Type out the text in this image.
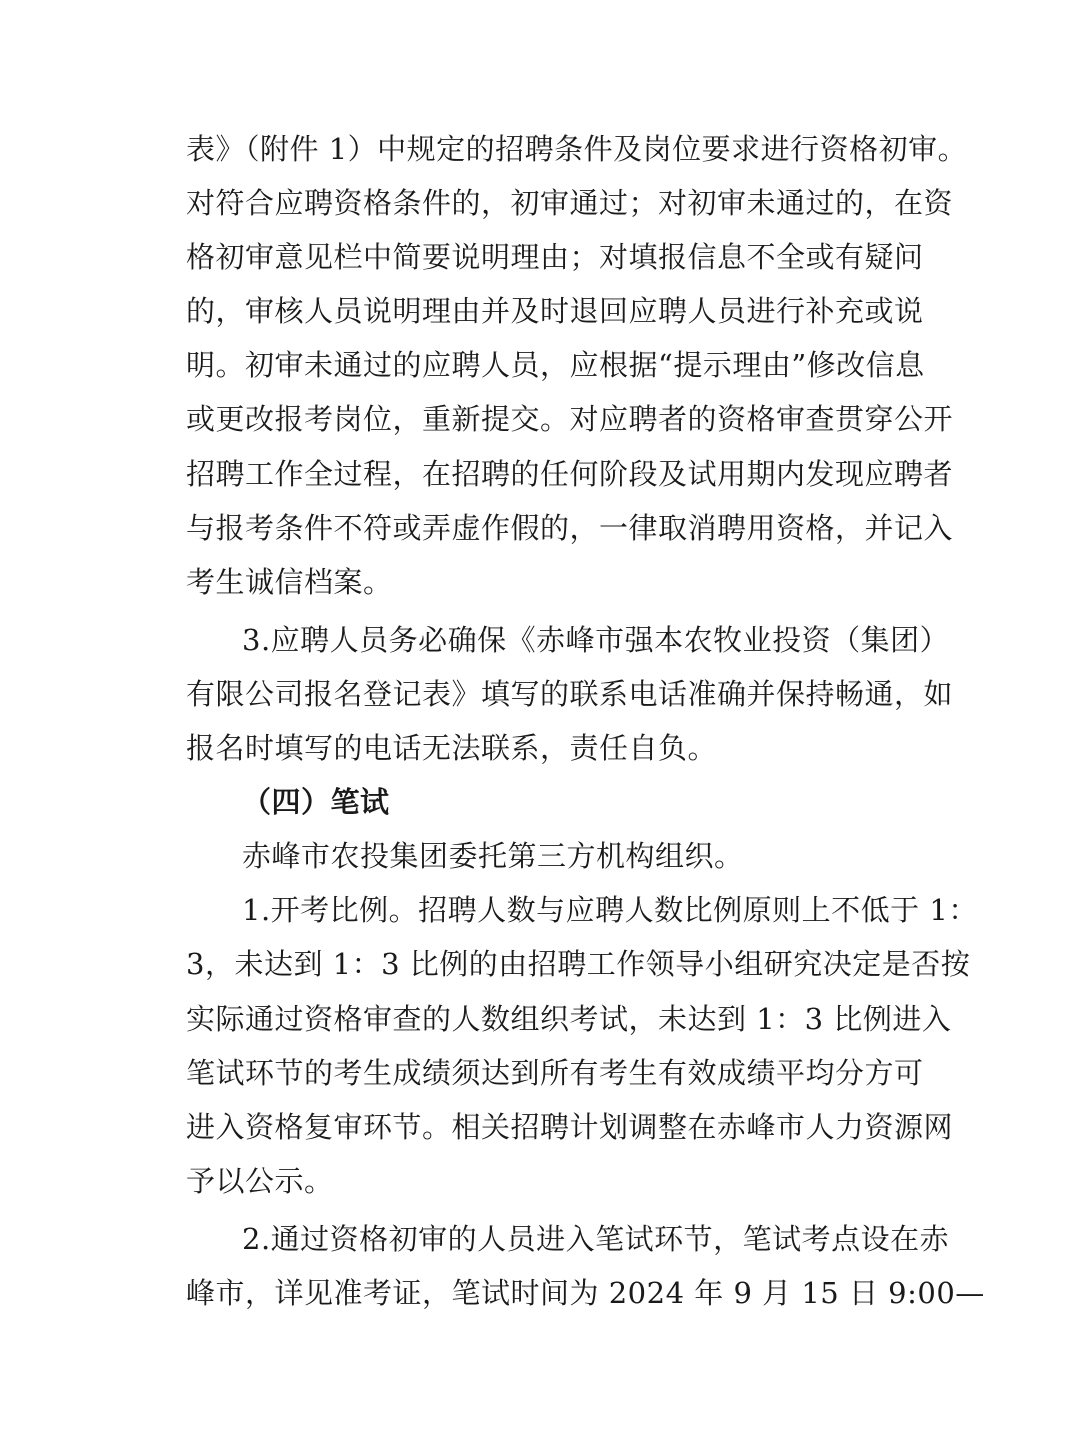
表》（附件 1）中规定的招聘条件及岗位要求进行资格初审。
对符合应聘资格条件的，初审通过；对初审未通过的，在资
格初审意见栏中简要说明理由；对填报信息不全或有疑问
的，审核人员说明理由并及时退回应聘人员进行补充或说
明。初审未通过的应聘人员，应根据“提示理由”修改信息
或更改报考岗位，重新提交。对应聘者的资格审查贯穿公开
招聘工作全过程，在招聘的任何阶段及试用期内发现应聘者
与报考条件不符或弄虚作假的，一律取消聘用资格，并记入
考生诚信档案。
3.应聘人员务必确保《赤峰市强本农牧业投资（集团）
有限公司报名登记表》填写的联系电话准确并保持畅通，如
报名时填写的电话无法联系，责任自负。
（四）笔试
赤峰市农投集团委托第三方机构组织。
1.开考比例。招聘人数与应聘人数比例原则上不低于 1：
3，未达到 1：3 比例的由招聘工作领导小组研究决定是否按
实际通过资格审查的人数组织考试，未达到 1：3 比例进入
笔试环节的考生成绩须达到所有考生有效成绩平均分方可
进入资格复审环节。相关招聘计划调整在赤峰市人力资源网
予以公示。
2.通过资格初审的人员进入笔试环节，笔试考点设在赤
峰市，详见准考证，笔试时间为 2024 年 9 月 15 日 9:00—
